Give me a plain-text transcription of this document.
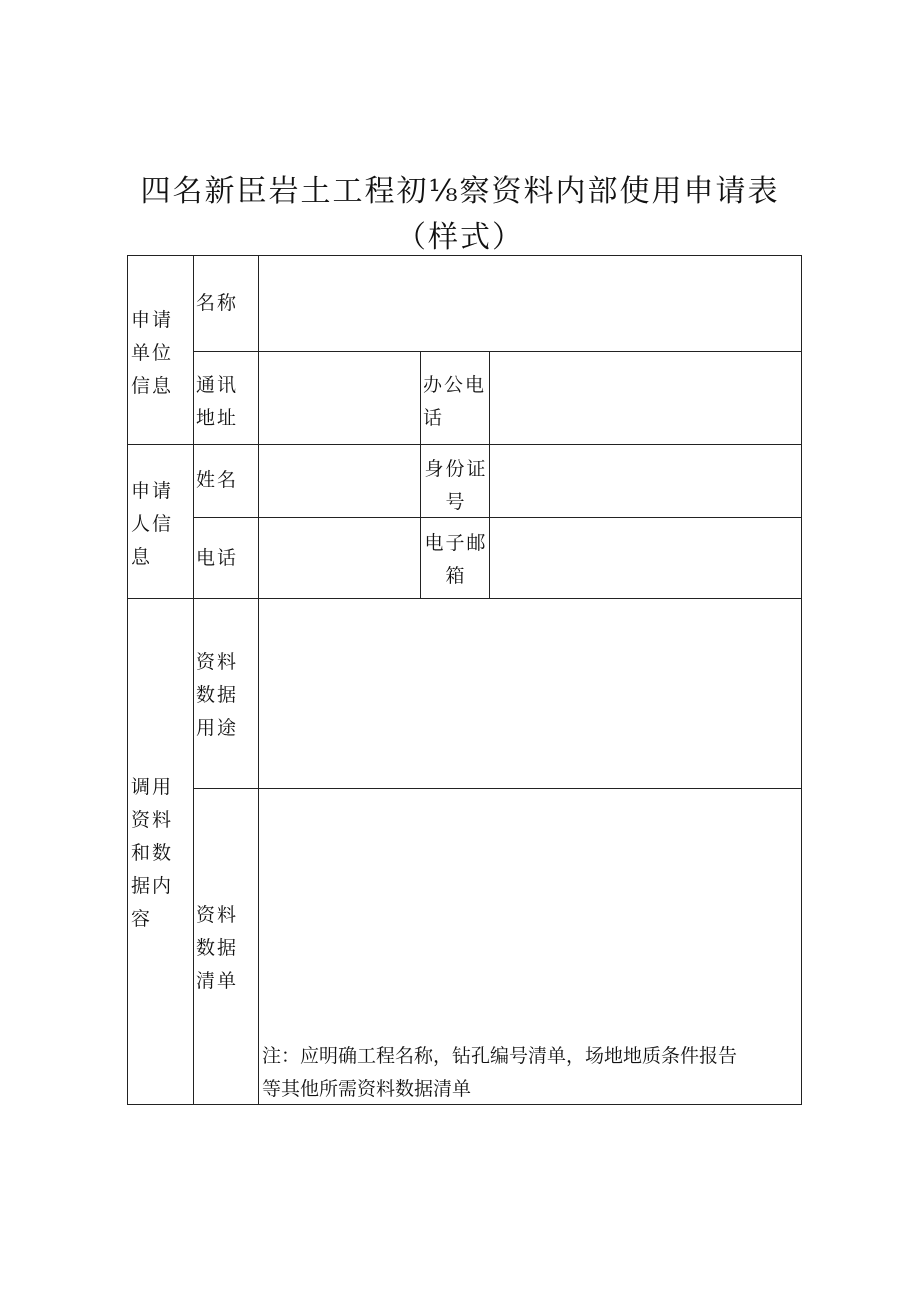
四名新臣岩土工程初⅛察资料内部使用申请表
（样式）
申请
单位
信息
申请
人信
息
调用
资料
和数
据内
容
名称
通讯
地址
办公电
话
姓名	身份证
号
电话
电子邮
箱
资料
数据
用途
资料
数据
清单
注：应明确工程名称，钻孔编号清单，场地地质条件报告
等其他所需资料数据清单
